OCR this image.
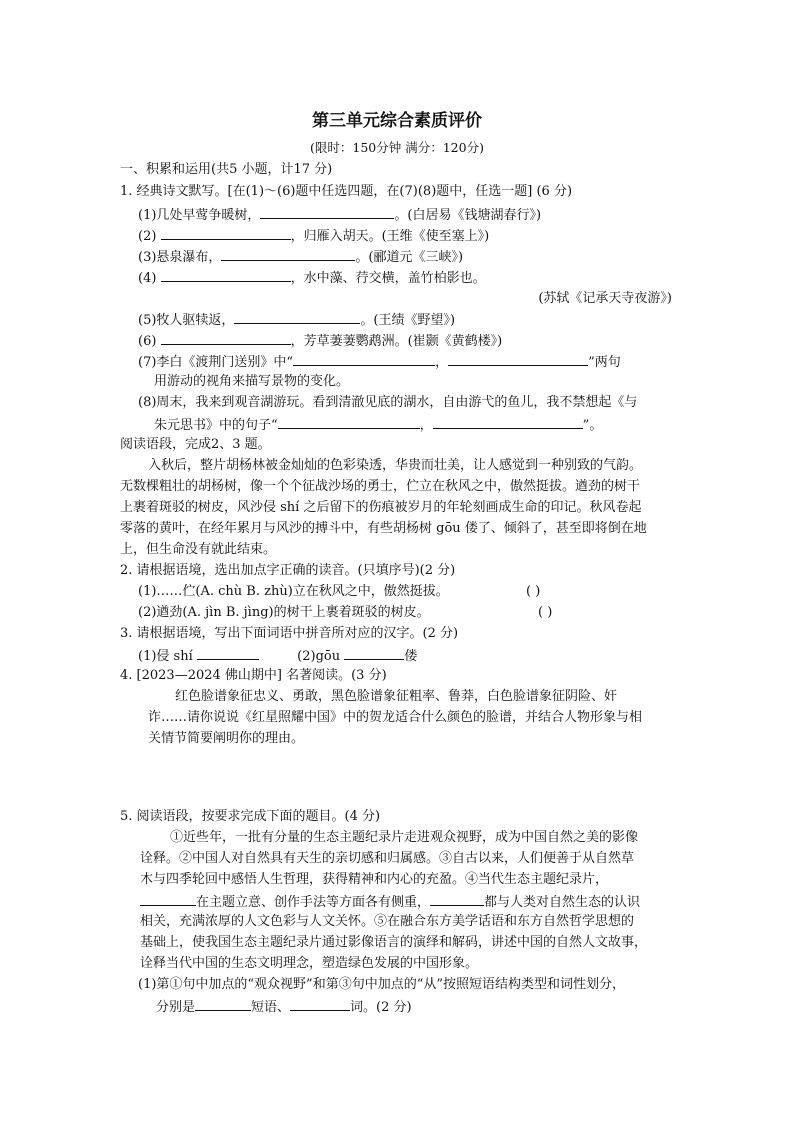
第三单元综合素质评价
(限时：150分钟 满分：120分)
一、积累和运用(共5 小题，计17 分)
1. 经典诗文默写。[在(1)～(6)题中任选四题，在(7)(8)题中，任选一题] (6 分)
(1)几处早莺争暖树，	。(白居易《钱塘湖春行》)
(2)	，归雁入胡天。(王维《使至塞上》)
(3)悬泉瀑布，	。(郦道元《三峡》)
(4)	，水中藻、荇交横，盖竹柏影也。
(苏轼《记承天寺夜游》)
(5)牧人驱犊返，	。(王绩《野望》)
(6)	，芳草萋萋鹦鹉洲。(崔颢《黄鹤楼》)
(7)李白《渡荆门送别》中“	，	”两句
用游动的视角来描写景物的变化。
(8)周末，我来到观音湖游玩。看到清澈见底的湖水，自由游弋的鱼儿，我不禁想起《与
朱元思书》中的句子“	，	”。
阅读语段，完成2、3 题。
入秋后，整片胡杨林被金灿灿的色彩染透，华贵而壮美，让人感觉到一种别致的气韵。
无数棵粗壮的胡杨树，像一个个征战沙场的勇士，伫立在秋风之中，傲然挺拔。遒劲的树干
上裹着斑驳的树皮，风沙侵 shí 之后留下的伤痕被岁月的年轮刻画成生命的印记。秋风卷起
零落的黄叶，在经年累月与风沙的搏斗中，有些胡杨树 gōu 偻了、倾斜了，甚至即将倒在地
上，但生命没有就此结束。
2. 请根据语境，选出加点字正确的读音。(只填序号)(2 分)
(1)……伫(A. chù B. zhù)立在秋风之中，傲然挺拔。	( )
(2)遒劲(A. jìn B. jìng)的树干上裹着斑驳的树皮。	( )
3. 请根据语境，写出下面词语中拼音所对应的汉字。(2 分)
(1)侵 shí	(2)gōu	偻
4. [2023—2024 佛山期中] 名著阅读。(3 分)
红色脸谱象征忠义、勇敢，黑色脸谱象征粗率、鲁莽，白色脸谱象征阴险、奸
诈……请你说说《红星照耀中国》中的贺龙适合什么颜色的脸谱，并结合人物形象与相
关情节简要阐明你的理由。
5. 阅读语段，按要求完成下面的题目。(4 分)
①近些年，一批有分量的生态主题纪录片走进观众视野，成为中国自然之美的影像
诠释。②中国人对自然具有天生的亲切感和归属感。③自古以来，人们便善于从自然草
木与四季轮回中感悟人生哲理，获得精神和内心的充盈。④当代生态主题纪录片，
在主题立意、创作手法等方面各有侧重，	都与人类对自然生态的认识
相关，充满浓厚的人文色彩与人文关怀。⑤在融合东方美学话语和东方自然哲学思想的
基础上，使我国生态主题纪录片通过影像语言的演绎和解码，讲述中国的自然人文故事，
诠释当代中国的生态文明理念，塑造绿色发展的中国形象。
(1)第①句中加点的“观众视野”和第③句中加点的“从”按照短语结构类型和词性划分，
分别是	短语、	词。(2 分)
